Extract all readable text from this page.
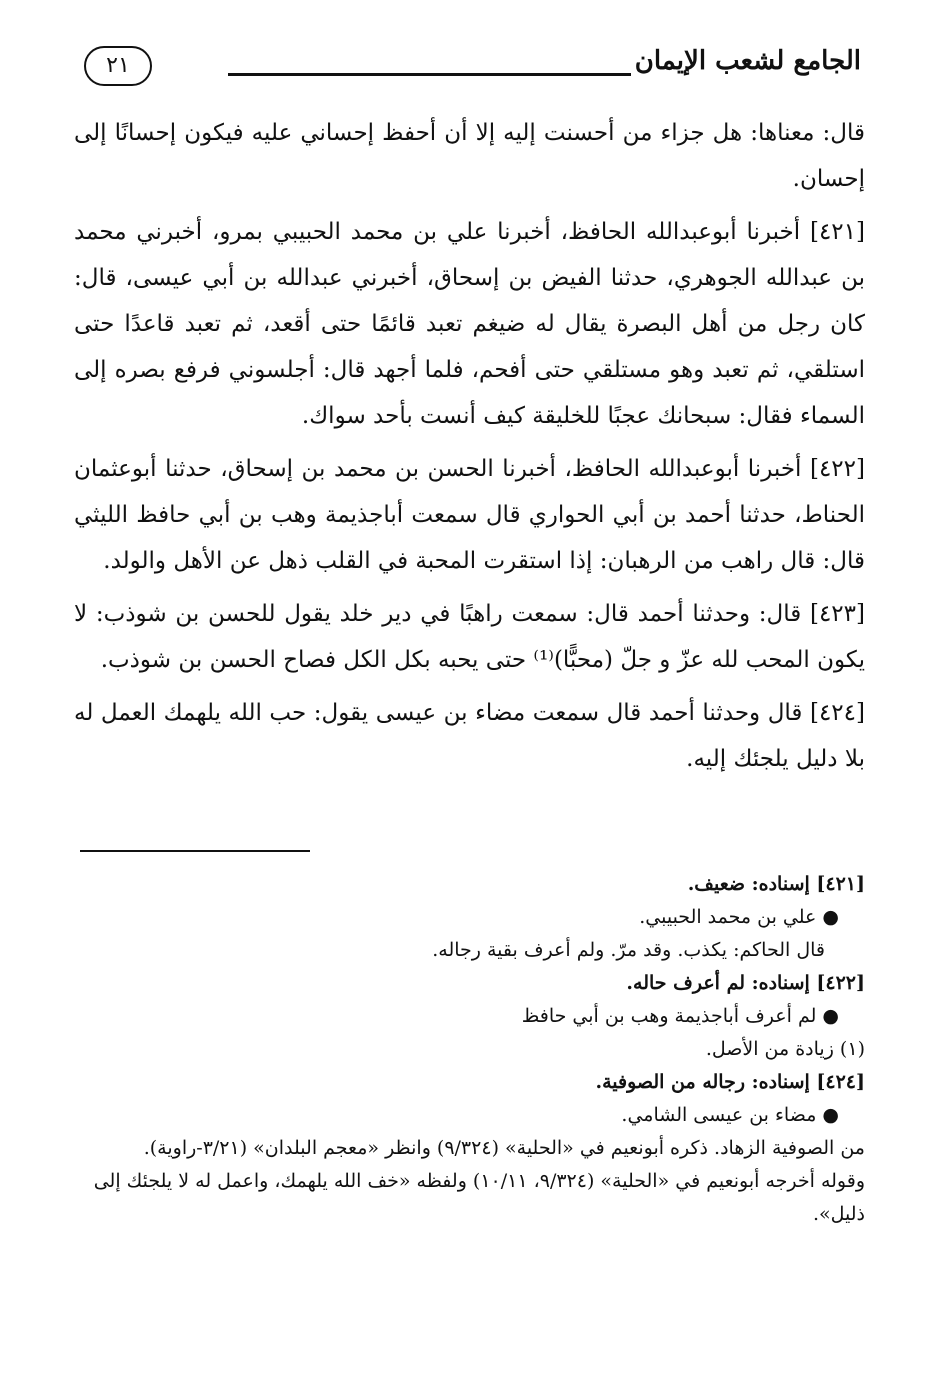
الجامع لشعب الإيمان
٢١

قال: معناها: هل جزاء من أحسنت إليه إلا أن أحفظ إحساني عليه فيكون إحسانًا إلى إحسان.

[٤٢١] أخبرنا أبوعبدالله الحافظ، أخبرنا علي بن محمد الحبيبي بمرو، أخبرني محمد بن عبدالله الجوهري، حدثنا الفيض بن إسحاق، أخبرني عبدالله بن أبي عيسى، قال: كان رجل من أهل البصرة يقال له ضيغم تعبد قائمًا حتى أقعد، ثم تعبد قاعدًا حتى استلقي، ثم تعبد وهو مستلقي حتى أفحم، فلما أجهد قال: أجلسوني فرفع بصره إلى السماء فقال: سبحانك عجبًا للخليقة كيف أنست بأحد سواك.

[٤٢٢] أخبرنا أبوعبدالله الحافظ، أخبرنا الحسن بن محمد بن إسحاق، حدثنا أبوعثمان الحناط، حدثنا أحمد بن أبي الحواري قال سمعت أباجذيمة وهب بن أبي حافظ الليثي قال: قال راهب من الرهبان: إذا استقرت المحبة في القلب ذهل عن الأهل والولد.

[٤٢٣] قال: وحدثنا أحمد قال: سمعت راهبًا في دير خلد يقول للحسن بن شوذب: لا يكون المحب لله عزّ و جلّ (محبًّا)⁽¹⁾ حتى يحبه بكل الكل فصاح الحسن بن شوذب.

[٤٢٤] قال وحدثنا أحمد قال سمعت مضاء بن عيسى يقول: حب الله يلهمك العمل له بلا دليل يلجئك إليه.

[٤٢١] إسناده: ضعيف.

● علي بن محمد الحبيبي.

قال الحاكم: يكذب. وقد مرّ. ولم أعرف بقية رجاله.

[٤٢٢] إسناده: لم أعرف حاله.

● لم أعرف أباجذيمة وهب بن أبي حافظ

(١) زيادة من الأصل.

[٤٢٤] إسناده: رجاله من الصوفية.

● مضاء بن عيسى الشامي.

من الصوفية الزهاد. ذكره أبونعيم في «الحلية» (٩/٣٢٤) وانظر «معجم البلدان» (٣/٢١-راوية).

وقوله أخرجه أبونعيم في «الحلية» (٩/٣٢٤، ١٠/١١) ولفظه «خف الله يلهمك، واعمل له لا يلجئك إلى ذليل».
